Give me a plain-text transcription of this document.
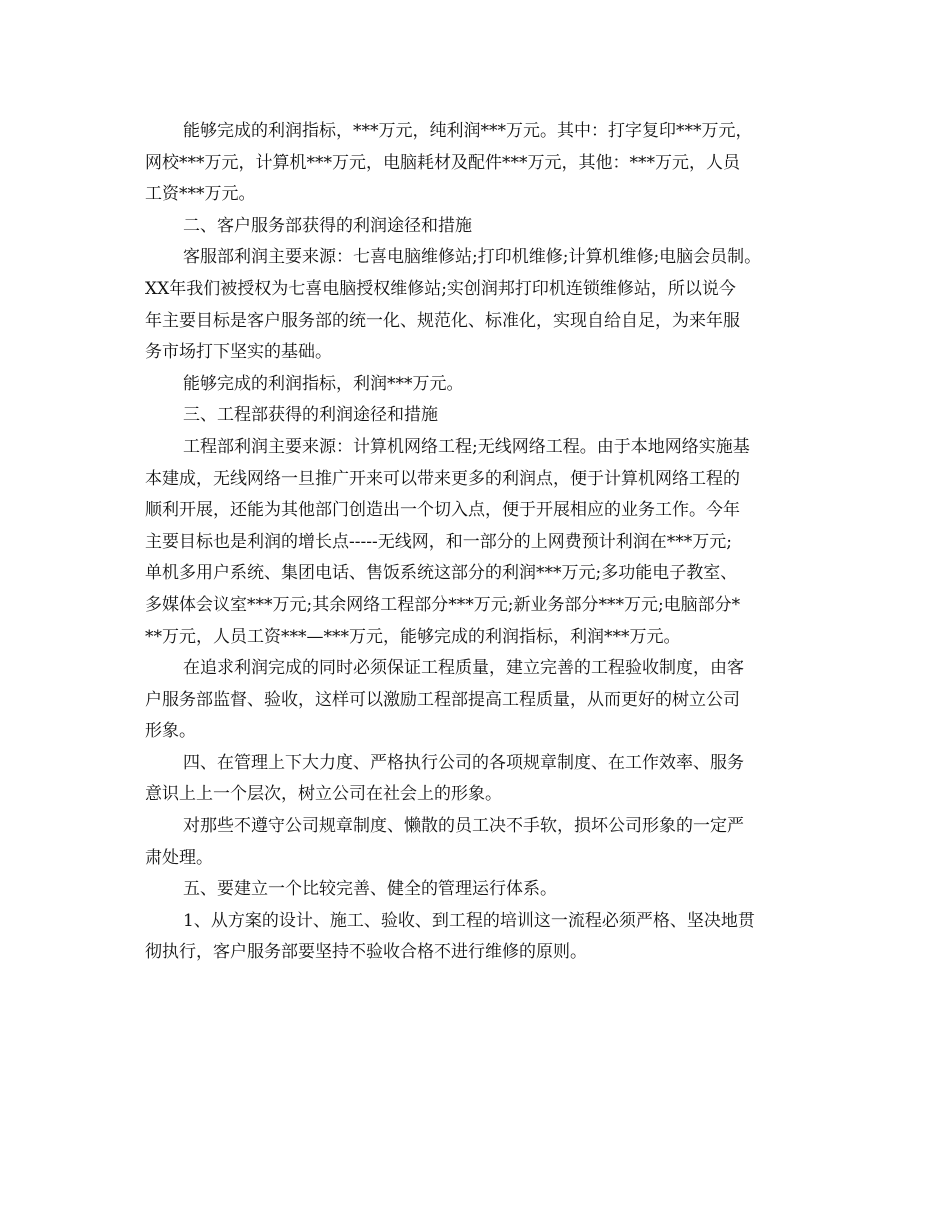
能够完成的利润指标，***万元，纯利润***万元。其中：打字复印***万元，
网校***万元，计算机***万元，电脑耗材及配件***万元，其他：***万元，人员
工资***万元。
二、客户服务部获得的利润途径和措施
客服部利润主要来源：七喜电脑维修站;打印机维修;计算机维修;电脑会员制。
XX年我们被授权为七喜电脑授权维修站;实创润邦打印机连锁维修站，所以说今
年主要目标是客户服务部的统一化、规范化、标准化，实现自给自足，为来年服
务市场打下坚实的基础。
能够完成的利润指标，利润***万元。
三、工程部获得的利润途径和措施
工程部利润主要来源：计算机网络工程;无线网络工程。由于本地网络实施基
本建成，无线网络一旦推广开来可以带来更多的利润点，便于计算机网络工程的
顺利开展，还能为其他部门创造出一个切入点，便于开展相应的业务工作。今年
主要目标也是利润的增长点-----无线网，和一部分的上网费预计利润在***万元;
单机多用户系统、集团电话、售饭系统这部分的利润***万元;多功能电子教室、
多媒体会议室***万元;其余网络工程部分***万元;新业务部分***万元;电脑部分*
**万元，人员工资***—***万元，能够完成的利润指标，利润***万元。
在追求利润完成的同时必须保证工程质量，建立完善的工程验收制度，由客
户服务部监督、验收，这样可以激励工程部提高工程质量，从而更好的树立公司
形象。
四、在管理上下大力度、严格执行公司的各项规章制度、在工作效率、服务
意识上上一个层次，树立公司在社会上的形象。
对那些不遵守公司规章制度、懒散的员工决不手软，损坏公司形象的一定严
肃处理。
五、要建立一个比较完善、健全的管理运行体系。
1、从方案的设计、施工、验收、到工程的培训这一流程必须严格、坚决地贯
彻执行，客户服务部要坚持不验收合格不进行维修的原则。
